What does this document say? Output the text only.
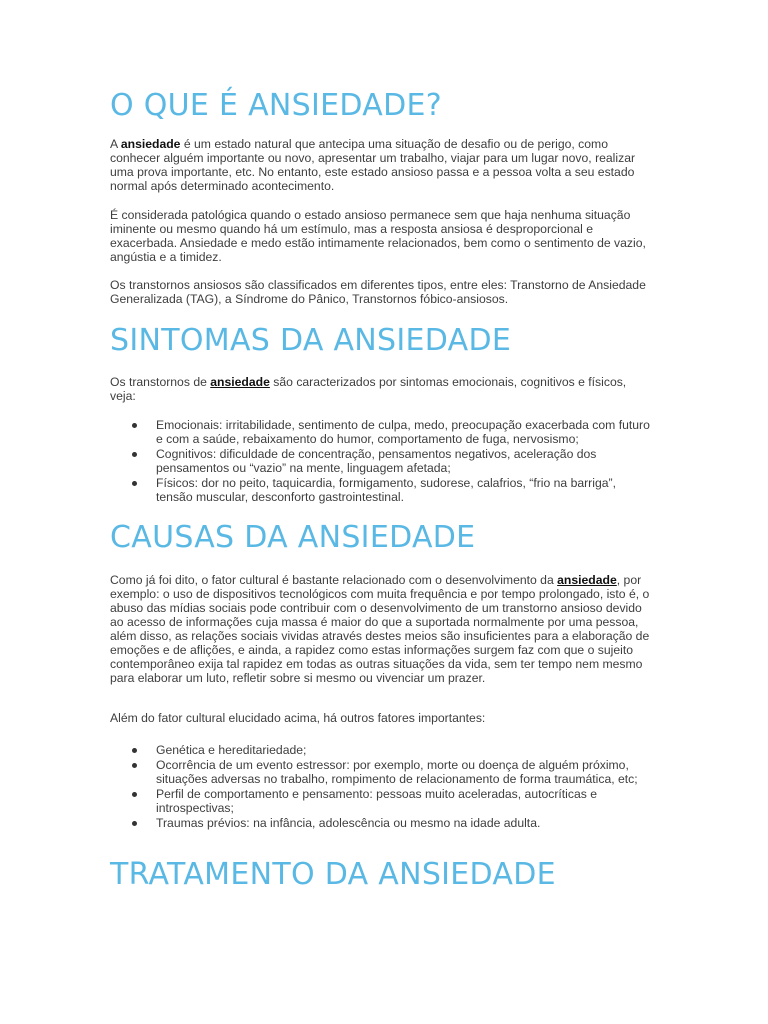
O QUE É ANSIEDADE?

A ansiedade é um estado natural que antecipa uma situação de desafio ou de perigo, como conhecer alguém importante ou novo, apresentar um trabalho, viajar para um lugar novo, realizar uma prova importante, etc. No entanto, este estado ansioso passa e a pessoa volta a seu estado normal após determinado acontecimento.

É considerada patológica quando o estado ansioso permanece sem que haja nenhuma situação iminente ou mesmo quando há um estímulo, mas a resposta ansiosa é desproporcional e exacerbada. Ansiedade e medo estão intimamente relacionados, bem como o sentimento de vazio, angústia e a timidez.

Os transtornos ansiosos são classificados em diferentes tipos, entre eles: Transtorno de Ansiedade Generalizada (TAG), a Síndrome do Pânico, Transtornos fóbico-ansiosos.

SINTOMAS DA ANSIEDADE

Os transtornos de ansiedade são caracterizados por sintomas emocionais, cognitivos e físicos, veja:

Emocionais: irritabilidade, sentimento de culpa, medo, preocupação exacerbada com futuro e com a saúde, rebaixamento do humor, comportamento de fuga, nervosismo;
Cognitivos: dificuldade de concentração, pensamentos negativos, aceleração dos pensamentos ou “vazio” na mente, linguagem afetada;
Físicos: dor no peito, taquicardia, formigamento, sudorese, calafrios, “frio na barriga”, tensão muscular, desconforto gastrointestinal.
CAUSAS DA ANSIEDADE

Como já foi dito, o fator cultural é bastante relacionado com o desenvolvimento da ansiedade, por exemplo: o uso de dispositivos tecnológicos com muita frequência e por tempo prolongado, isto é, o abuso das mídias sociais pode contribuir com o desenvolvimento de um transtorno ansioso devido ao acesso de informações cuja massa é maior do que a suportada normalmente por uma pessoa, além disso, as relações sociais vividas através destes meios são insuficientes para a elaboração de emoções e de aflições, e ainda, a rapidez como estas informações surgem faz com que o sujeito contemporâneo exija tal rapidez em todas as outras situações da vida, sem ter tempo nem mesmo para elaborar um luto, refletir sobre si mesmo ou vivenciar um prazer.

Além do fator cultural elucidado acima, há outros fatores importantes:

Genética e hereditariedade;
Ocorrência de um evento estressor: por exemplo, morte ou doença de alguém próximo, situações adversas no trabalho, rompimento de relacionamento de forma traumática, etc;
Perfil de comportamento e pensamento: pessoas muito aceleradas, autocríticas e introspectivas;
Traumas prévios: na infância, adolescência ou mesmo na idade adulta.
TRATAMENTO DA ANSIEDADE
